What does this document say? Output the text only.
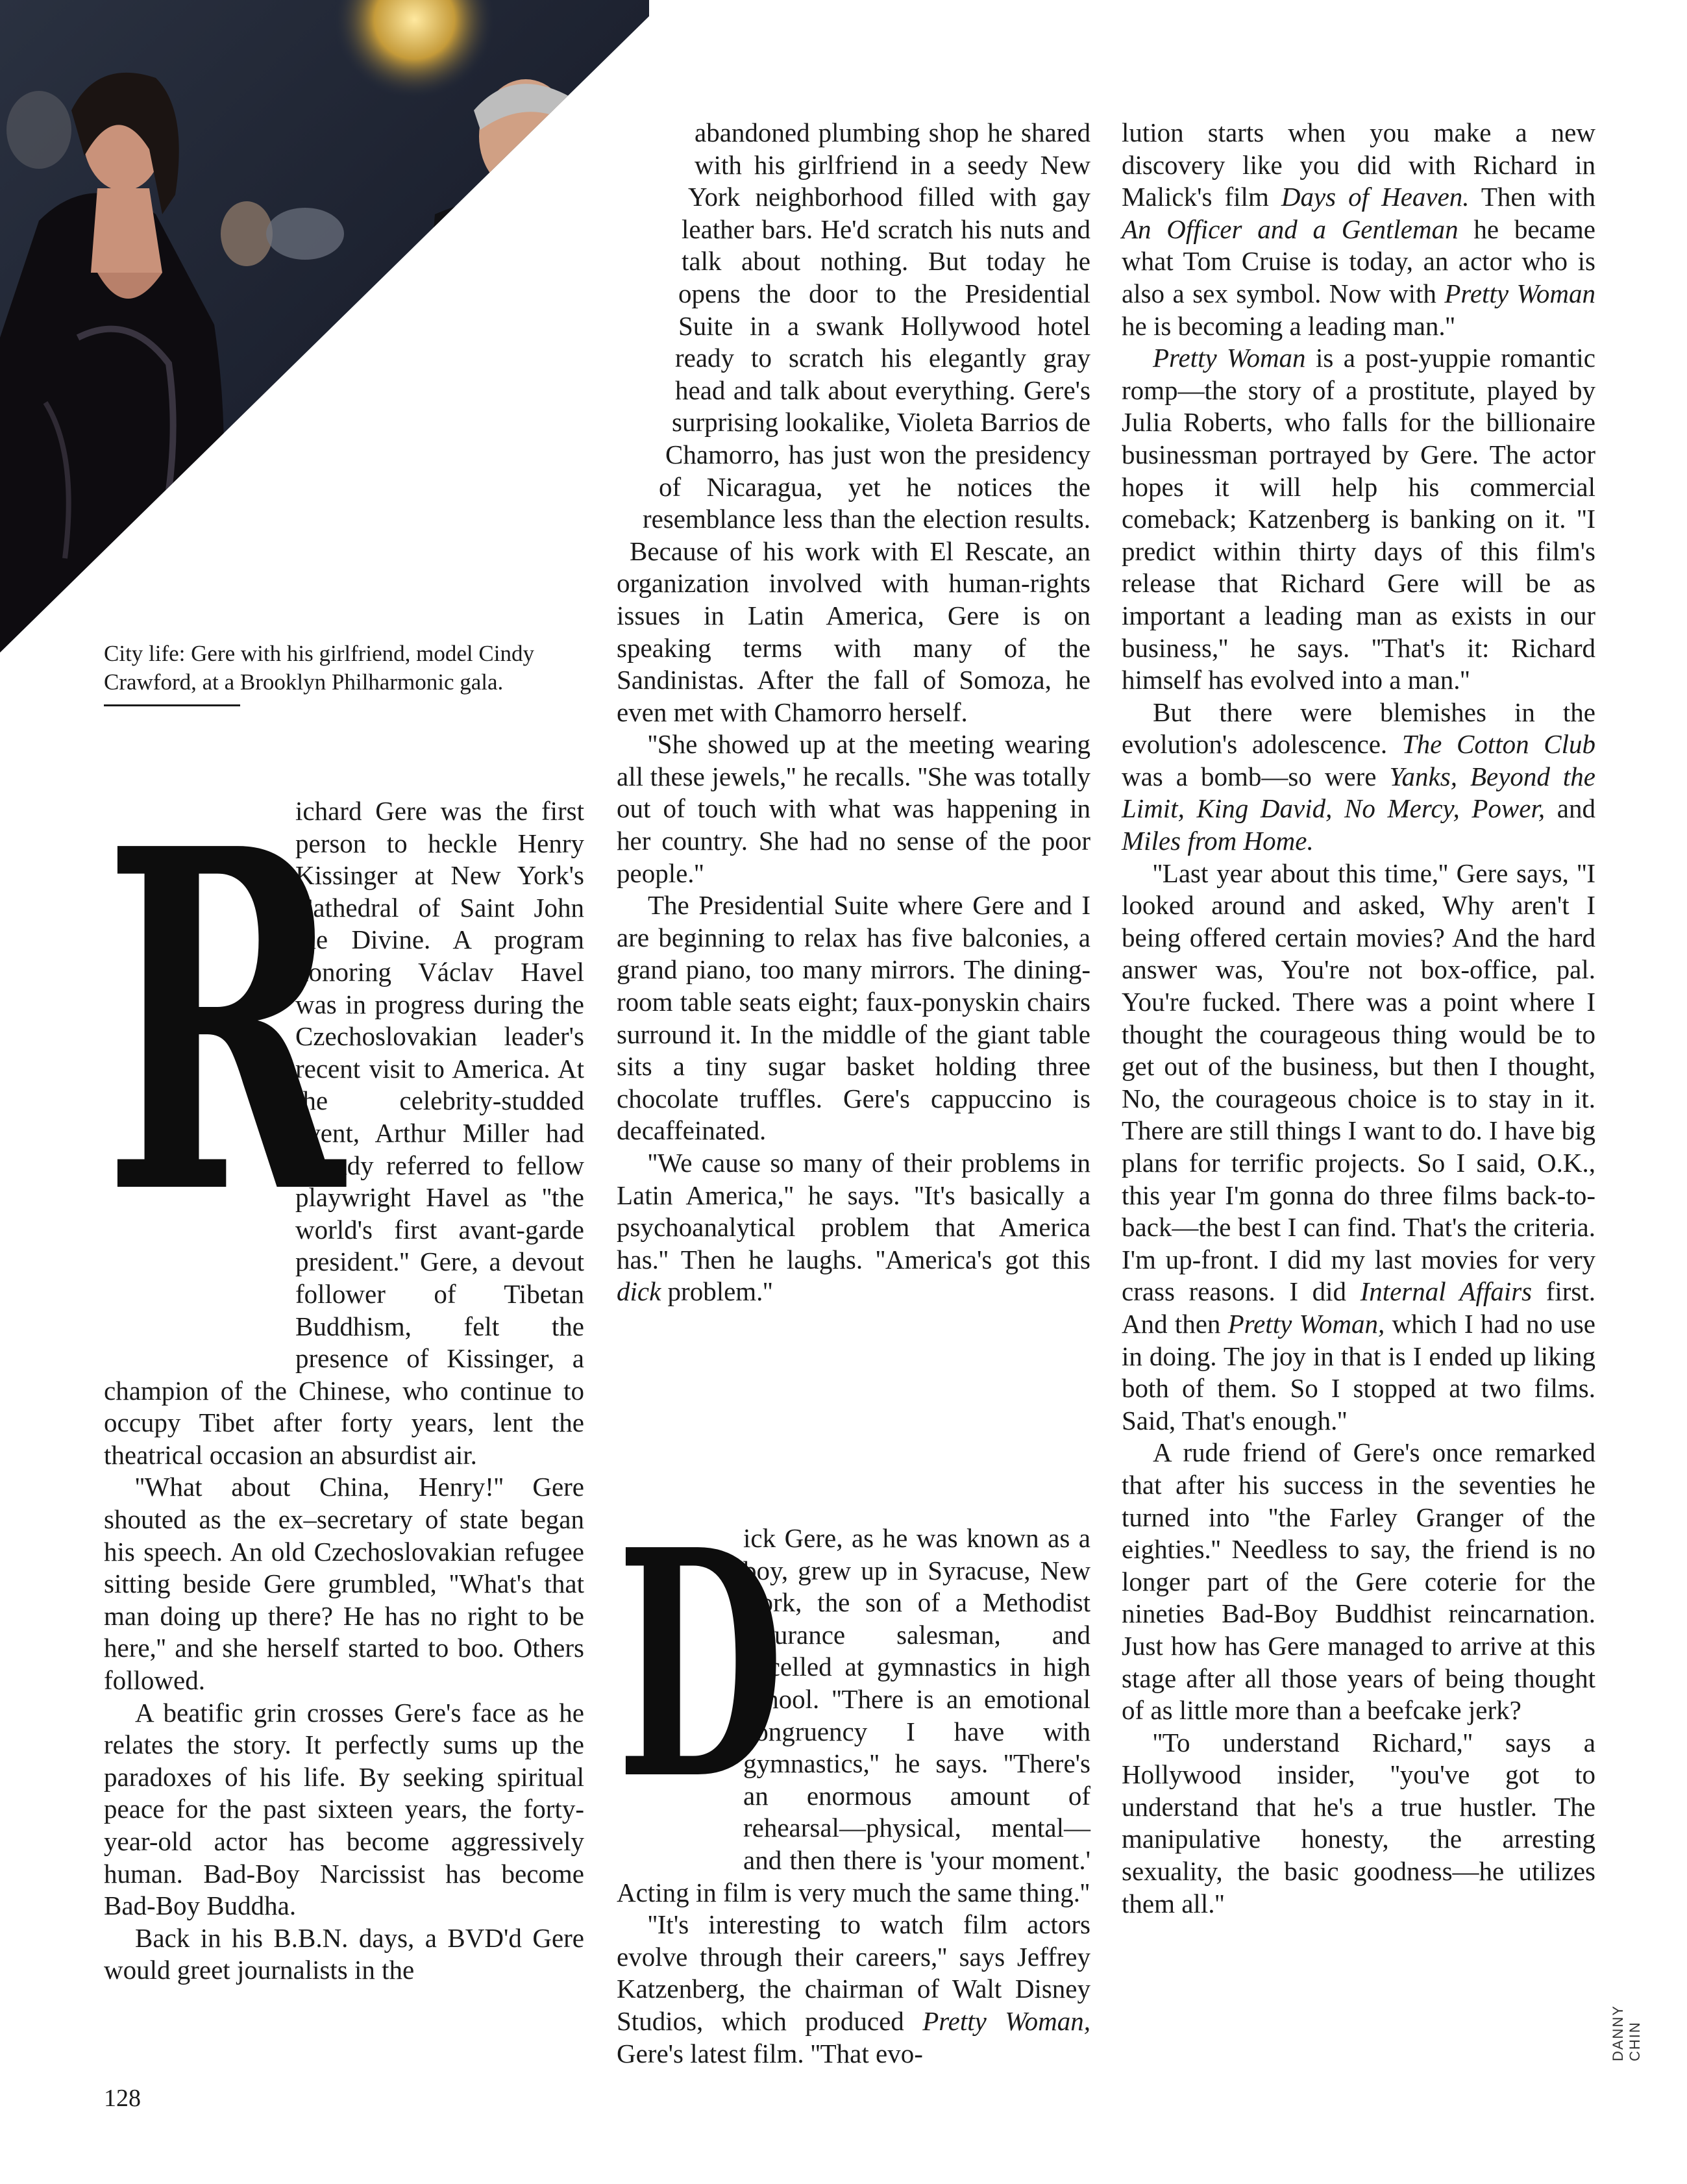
City life: Gere with his girlfriend, model Cindy Crawford, at a Brooklyn Philharmonic gala.
R

ichard Gere was the first person to heckle Henry Kissinger at New York's Cathedral of Saint John the Divine. A program honoring Václav Havel was in progress during the Czechoslovakian leader's recent visit to America. At the celebrity-studded event, Arthur Miller had already referred to fellow playwright Havel as ''the world's first avant-garde president.'' Gere, a devout follower of Tibetan Buddhism, felt the presence of Kissinger, a champion of the Chinese, who continue to occupy Tibet after forty years, lent the theatrical occasion an absurdist air.

''What about China, Henry!'' Gere shouted as the ex–secretary of state began his speech. An old Czechoslovakian refugee sitting beside Gere grumbled, ''What's that man doing up there? He has no right to be here,'' and she herself started to boo. Others followed.

A beatific grin crosses Gere's face as he relates the story. It perfectly sums up the paradoxes of his life. By seeking spiritual peace for the past sixteen years, the forty-year-old actor has become aggressively human. Bad-Boy Narcissist has become Bad-Boy Buddha.

Back in his B.B.N. days, a BVD'd Gere would greet journalists in the

abandoned plumbing shop he shared with his girlfriend in a seedy New York neighborhood filled with gay leather bars. He'd scratch his nuts and talk about nothing. But today he opens the door to the Presidential Suite in a swank Hollywood hotel ready to scratch his elegantly gray head and talk about everything. Gere's surprising lookalike, Violeta Barrios de Chamorro, has just won the presidency of Nicaragua, yet he notices the resemblance less than the election results. Because of his work with El Rescate, an organization involved with human-rights issues in Latin America, Gere is on speaking terms with many of the Sandinistas. After the fall of Somoza, he even met with Chamorro herself.

''She showed up at the meeting wearing all these jewels,'' he recalls. ''She was totally out of touch with what was happening in her country. She had no sense of the poor people.''

The Presidential Suite where Gere and I are beginning to relax has five balconies, a grand piano, too many mirrors. The dining-room table seats eight; faux-ponyskin chairs surround it. In the middle of the giant table sits a tiny sugar basket holding three chocolate truffles. Gere's cappuccino is decaffeinated.

''We cause so many of their problems in Latin America,'' he says. ''It's basically a psychoanalytical problem that America has.'' Then he laughs. ''America's got this dick problem.''

D

ick Gere, as he was known as a boy, grew up in Syracuse, New York, the son of a Methodist insurance salesman, and excelled at gymnastics in high school. ''There is an emotional congruency I have with gymnastics,'' he says. ''There's an enormous amount of rehearsal—physical, mental—and then there is 'your moment.' Acting in film is very much the same thing.''

''It's interesting to watch film actors evolve through their careers,'' says Jeffrey Katzenberg, the chairman of Walt Disney Studios, which produced Pretty Woman, Gere's latest film. ''That evo-

lution starts when you make a new discovery like you did with Richard in Malick's film Days of Heaven. Then with An Officer and a Gentleman he became what Tom Cruise is today, an actor who is also a sex symbol. Now with Pretty Woman he is becoming a leading man.''

Pretty Woman is a post-yuppie romantic romp—the story of a prostitute, played by Julia Roberts, who falls for the billionaire businessman portrayed by Gere. The actor hopes it will help his commercial comeback; Katzenberg is banking on it. ''I predict within thirty days of this film's release that Richard Gere will be as important a leading man as exists in our business,'' he says. ''That's it: Richard himself has evolved into a man.''

But there were blemishes in the evolution's adolescence. The Cotton Club was a bomb—so were Yanks, Beyond the Limit, King David, No Mercy, Power, and Miles from Home.

''Last year about this time,'' Gere says, ''I looked around and asked, Why aren't I being offered certain movies? And the hard answer was, You're not box-office, pal. You're fucked. There was a point where I thought the courageous thing would be to get out of the business, but then I thought, No, the courageous choice is to stay in it. There are still things I want to do. I have big plans for terrific projects. So I said, O.K., this year I'm gonna do three films back-to-back—the best I can find. That's the criteria. I'm up-front. I did my last movies for very crass reasons. I did Internal Affairs first. And then Pretty Woman, which I had no use in doing. The joy in that is I ended up liking both of them. So I stopped at two films. Said, That's enough.''

A rude friend of Gere's once remarked that after his success in the seventies he turned into ''the Farley Granger of the eighties.'' Needless to say, the friend is no longer part of the Gere coterie for the nineties Bad-Boy Buddhist reincarnation. Just how has Gere managed to arrive at this stage after all those years of being thought of as little more than a beefcake jerk?

''To understand Richard,'' says a Hollywood insider, ''you've got to understand that he's a true hustler. The manipulative honesty, the arresting sexuality, the basic goodness—he utilizes them all.''

128
DANNY CHIN
